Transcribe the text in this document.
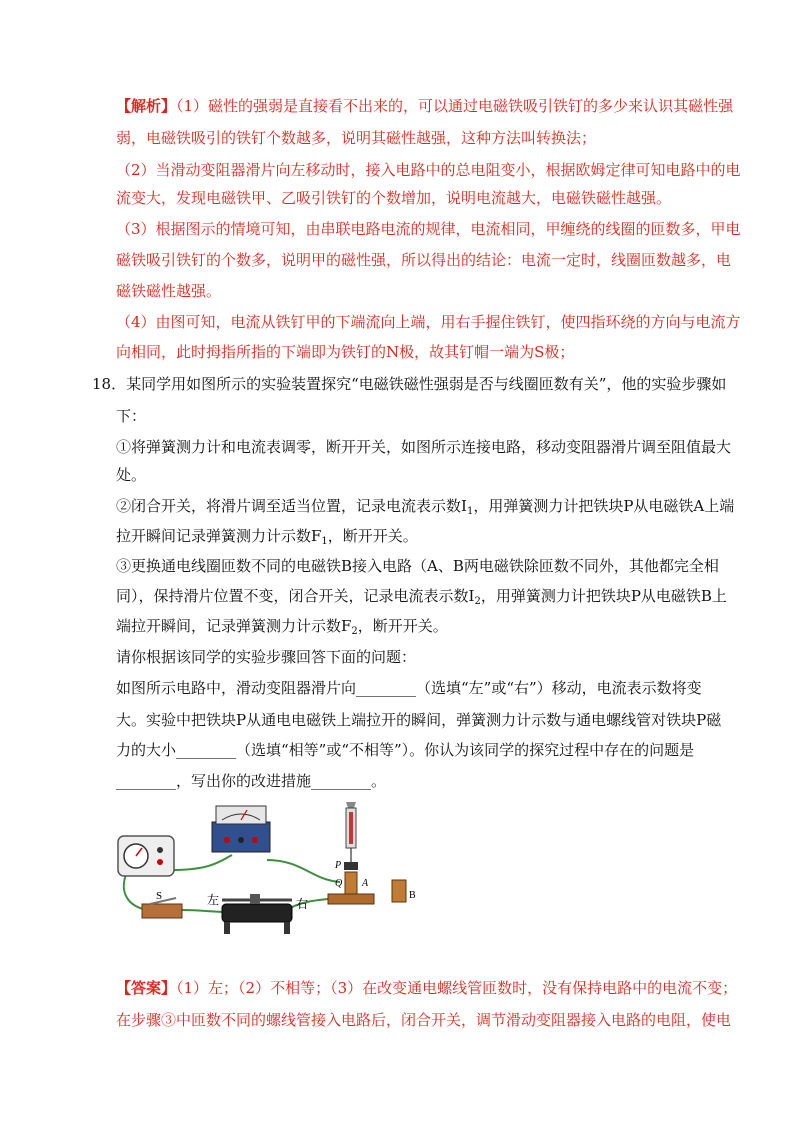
【解析】（1）磁性的强弱是直接看不出来的，可以通过电磁铁吸引铁钉的多少来认识其磁性强
弱，电磁铁吸引的铁钉个数越多，说明其磁性越强，这种方法叫转换法；
（2）当滑动变阻器滑片向左移动时，接入电路中的总电阻变小，根据欧姆定律可知电路中的电
流变大，发现电磁铁甲、乙吸引铁钉的个数增加，说明电流越大，电磁铁磁性越强。
（3）根据图示的情境可知，由串联电路电流的规律，电流相同，甲缠绕的线圈的匝数多，甲电
磁铁吸引铁钉的个数多，说明甲的磁性强，所以得出的结论：电流一定时，线圈匝数越多，电
磁铁磁性越强。
（4）由图可知，电流从铁钉甲的下端流向上端，用右手握住铁钉，使四指环绕的方向与电流方
向相同，此时拇指所指的下端即为铁钉的N极，故其钉帽一端为S极；
18．某同学用如图所示的实验装置探究“电磁铁磁性强弱是否与线圈匝数有关”，他的实验步骤如
下：
①将弹簧测力计和电流表调零，断开开关，如图所示连接电路，移动变阻器滑片调至阻值最大
处。
②闭合开关，将滑片调至适当位置，记录电流表示数$I_1$，用弹簧测力计把铁块P从电磁铁A上端
拉开瞬间记录弹簧测力计示数$F_1$，断开开关。
③更换通电线圈匝数不同的电磁铁B接入电路（A、B两电磁铁除匝数不同外，其他都完全相
同），保持滑片位置不变，闭合开关，记录电流表示数$I_2$，用弹簧测力计把铁块P从电磁铁B上
端拉开瞬间，记录弹簧测力计示数$F_2$，断开开关。
请你根据该同学的实验步骤回答下面的问题：
如图所示电路中，滑动变阻器滑片向________（选填“左”或“右”）移动，电流表示数将变
大。实验中把铁块P从通电电磁铁上端拉开的瞬间，弹簧测力计示数与通电螺线管对铁块P磁
力的大小________（选填“相等”或“不相等”）。你认为该同学的探究过程中存在的问题是
________，写出你的改进措施________。
S	左	右
P
Q A
B
【答案】（1）左；（2）不相等；（3）在改变通电螺线管匝数时，没有保持电路中的电流不变；
在步骤③中匝数不同的螺线管接入电路后，闭合开关，调节滑动变阻器接入电路的电阻，使电
